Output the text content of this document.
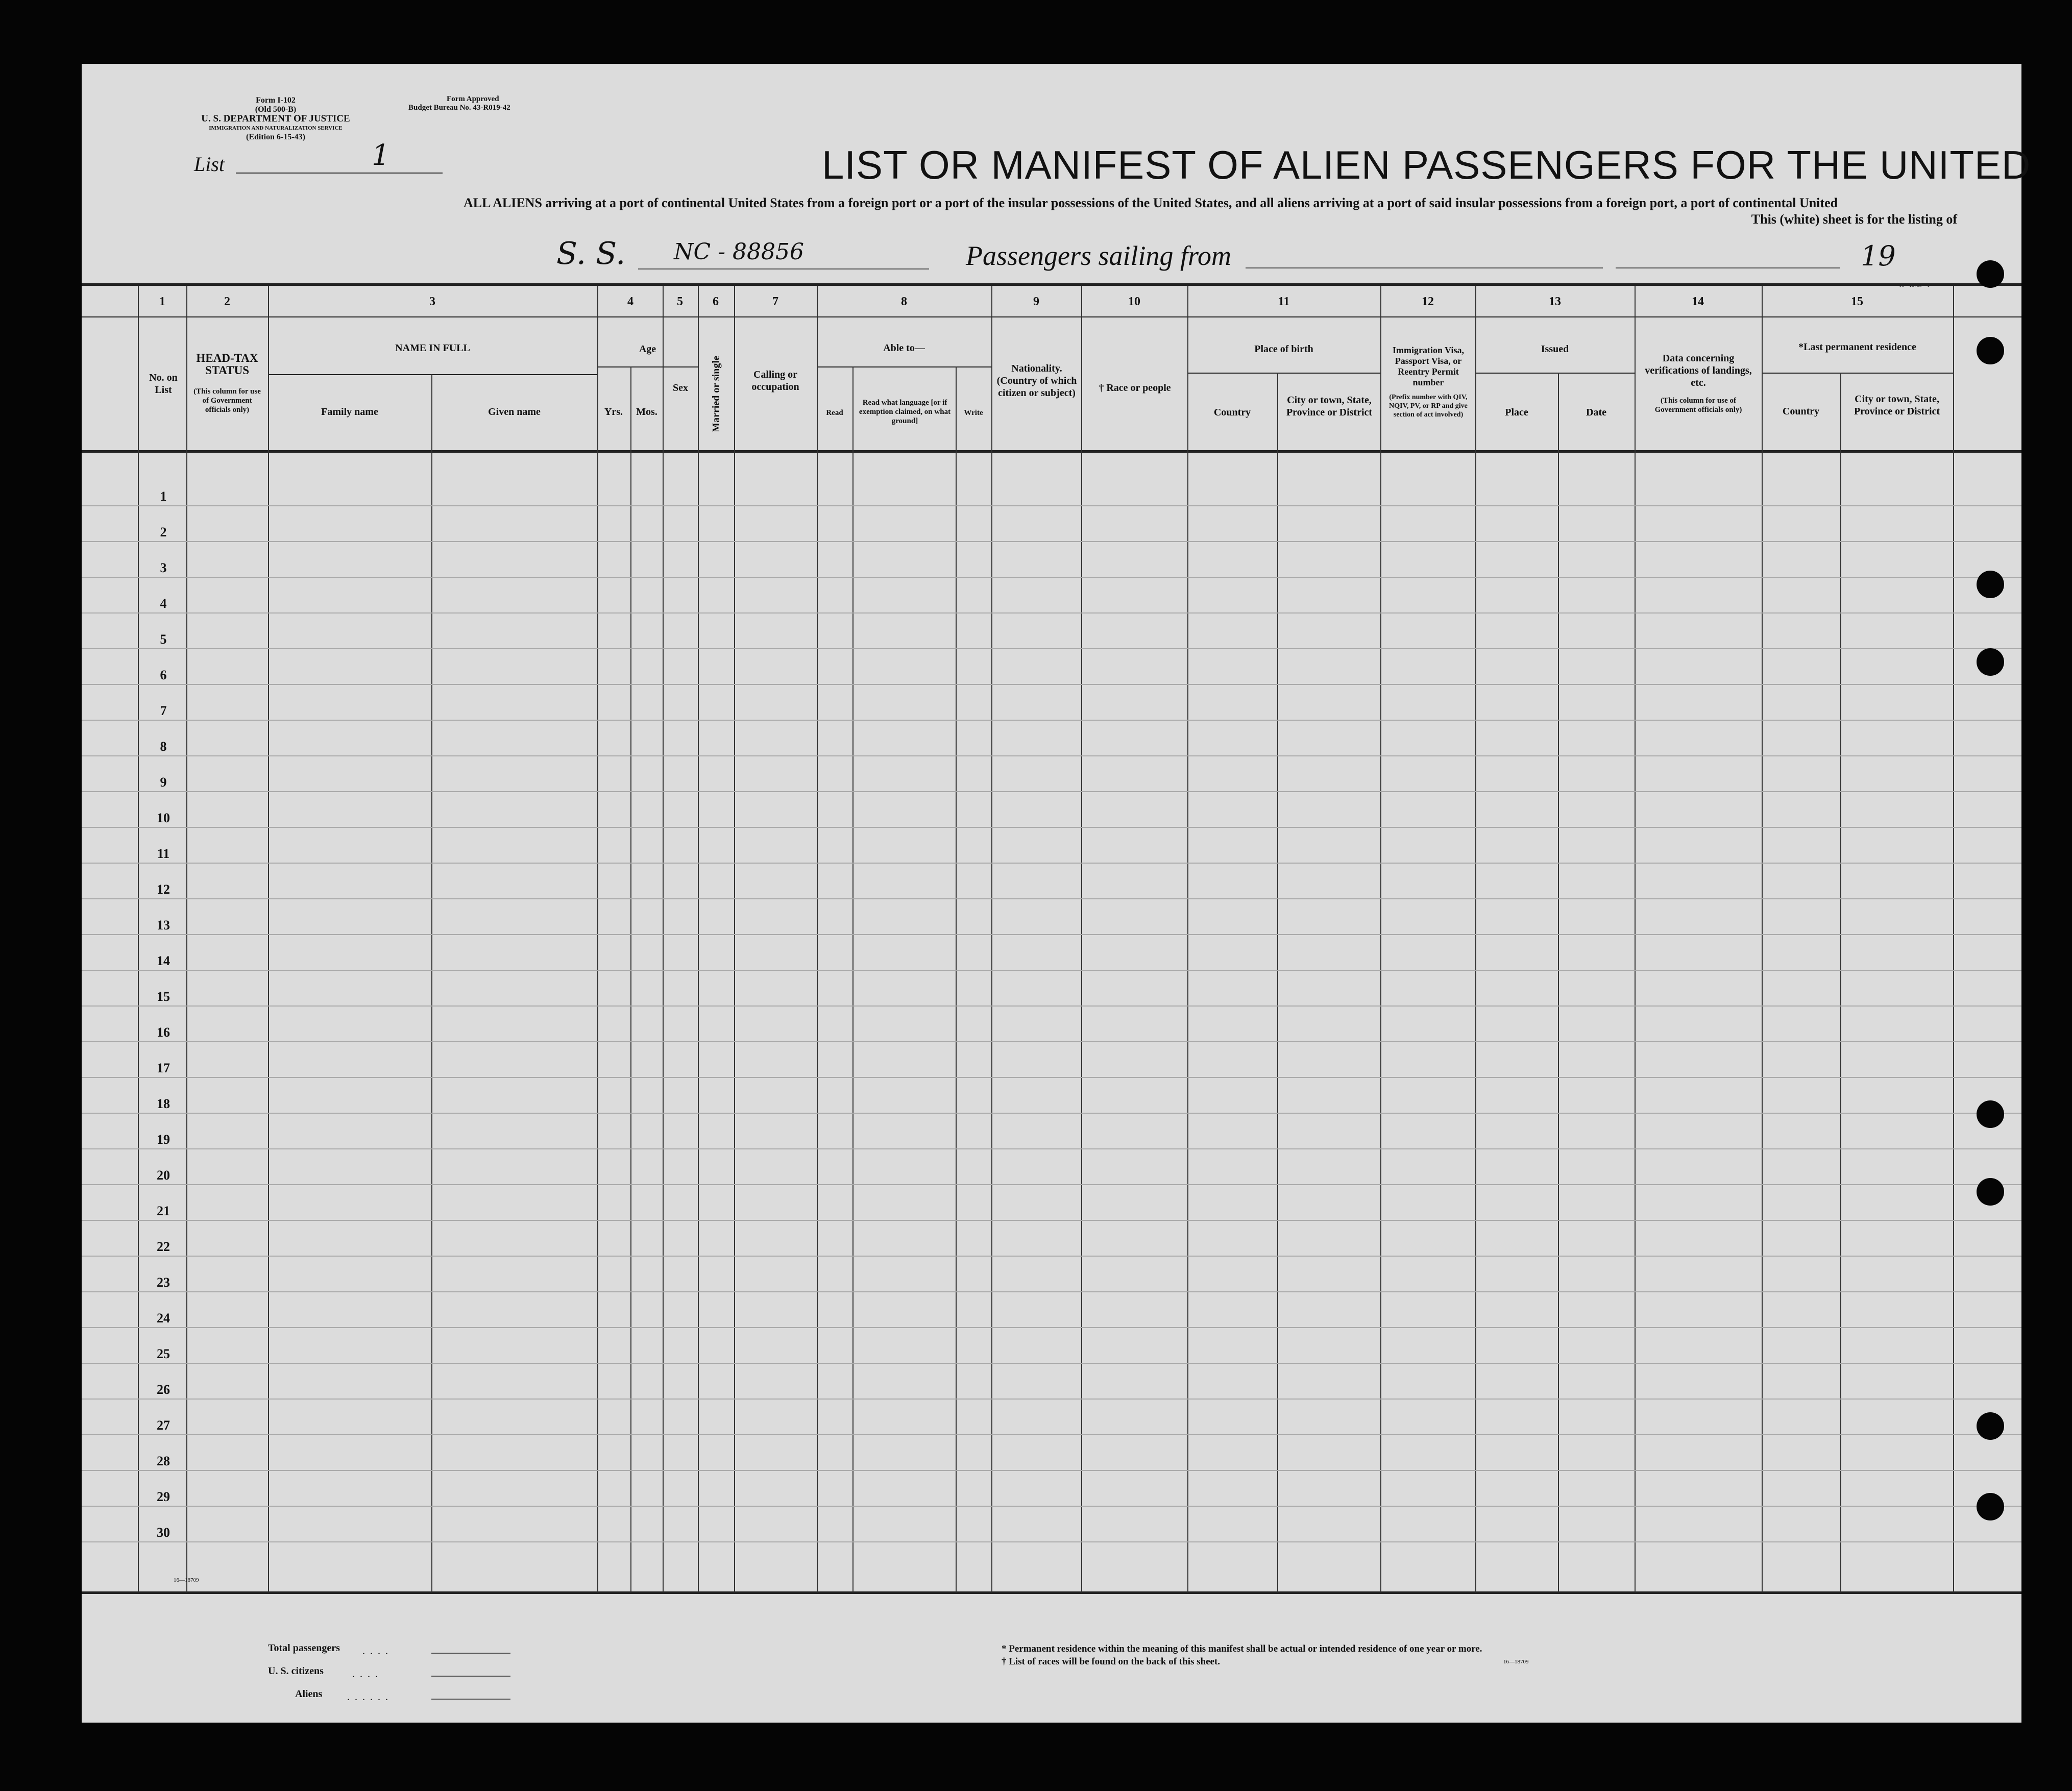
Form I-102
(Old 500-B)
U. S. DEPARTMENT OF JUSTICE
IMMIGRATION AND NATURALIZATION SERVICE
(Edition 6-15-43)
Form Approved
Budget Bureau No. 43-R019-42
List	1	LIST OR MANIFEST OF ALIEN PASSENGERS FOR THE UNITED
ALL ALIENS arriving at a port of continental United States from a foreign port or a port of the insular possessions of the United States, and all aliens arriving at a port of said insular possessions from a foreign port, a port of continental United
This (white) sheet is for the listing of
S. S. NC - 88856	Passengers sailing from	19
1	2	3	4	5	6	7	8	9	10	11	12	13	14	15
No. on List
HEAD-TAX STATUS
(This column for use of Government officials only)
NAME IN FULL
Family name	Given name
Age
Yrs.	Mos.
Sex	Married or single	Calling or occupation
Able to—
Read
Read what language [or if exemption claimed, on what ground]
Write
Nationality. (Country of which citizen or subject)	† Race or people
Place of birth
Country
City or town, State, Province or District
Immigration Visa, Passport Visa, or Reentry Permit number
(Prefix number with QIV, NQIV, PV, or RP and give section of act involved)
Issued
Place	Date
Data concerning verifications of landings, etc.
(This column for use of Government officials only)
*Last permanent residence
Country
City or town, State, Province or District
1
2
3
4
5
6
7
8
9
10
11
12
13
14
15
16
17
18
19
20
21
22
23
24
25
26
27
28
29
30
16—18709
Total passengers
U. S. citizens
Aliens
....
....
......
* Permanent residence within the meaning of this manifest shall be actual or intended residence of one year or more.
† List of races will be found on the back of this sheet.	16—18709
